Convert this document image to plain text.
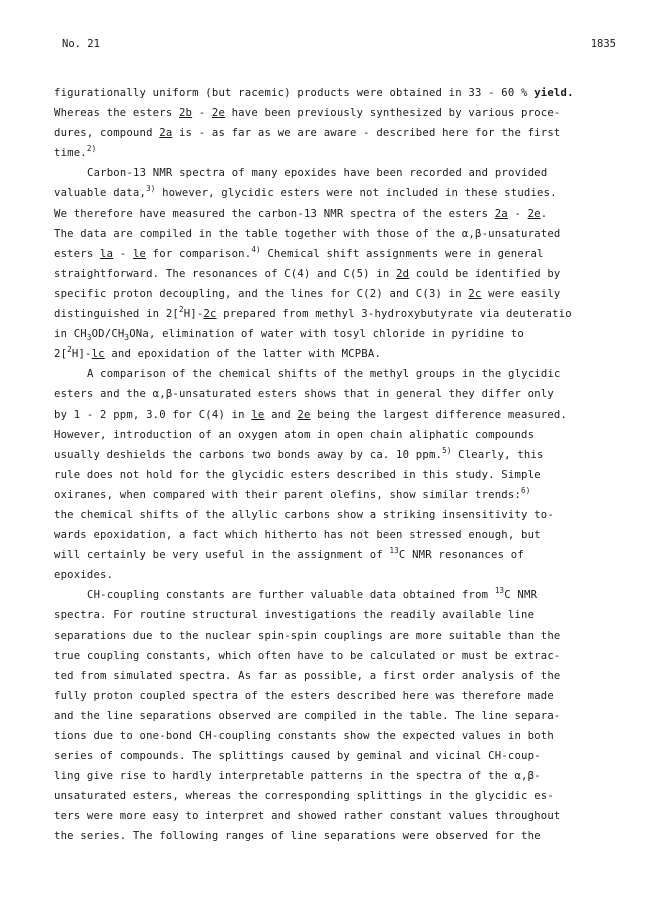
No. 21	1835
figurationally uniform (but racemic) products were obtained in 33 - 60 % yield.
Whereas the esters 2b - 2e have been previously synthesized by various proce-
dures, compound 2a is - as far as we are aware - described here for the first
time.$^{2)}$
Carbon-13 NMR spectra of many epoxides have been recorded and provided
valuable data,$^{3)}$ however, glycidic esters were not included in these studies.
We therefore have measured the carbon-13 NMR spectra of the esters 2a - 2e.
The data are compiled in the table together with those of the α,β-unsaturated
esters la - le for comparison.$^{4)}$ Chemical shift assignments were in general
straightforward. The resonances of C(4) and C(5) in 2d could be identified by
specific proton decoupling, and the lines for C(2) and C(3) in 2c were easily
distinguished in 2[$^2$H]-2c prepared from methyl 3-hydroxybutyrate via deuteratio
in $CH_3OD/CH_3ONa$, elimination of water with tosyl chloride in pyridine to
2[$^2$H]-lc and epoxidation of the latter with MCPBA.
A comparison of the chemical shifts of the methyl groups in the glycidic
esters and the α,β-unsaturated esters shows that in general they differ only
by 1 - 2 ppm, 3.0 for C(4) in le and 2e being the largest difference measured.
However, introduction of an oxygen atom in open chain aliphatic compounds
usually deshields the carbons two bonds away by ca. 10 ppm.$^{5)}$ Clearly, this
rule does not hold for the glycidic esters described in this study. Simple
oxiranes, when compared with their parent olefins, show similar trends:$^{6)}$
the chemical shifts of the allylic carbons show a striking insensitivity to-
wards epoxidation, a fact which hitherto has not been stressed enough, but
will certainly be very useful in the assignment of $^{13}$C NMR resonances of
epoxides.
CH-coupling constants are further valuable data obtained from $^{13}$C NMR
spectra. For routine structural investigations the readily available line
separations due to the nuclear spin-spin couplings are more suitable than the
true coupling constants, which often have to be calculated or must be extrac-
ted from simulated spectra. As far as possible, a first order analysis of the
fully proton coupled spectra of the esters described here was therefore made
and the line separations observed are compiled in the table. The line separa-
tions due to one-bond CH-coupling constants show the expected values in both
series of compounds. The splittings caused by geminal and vicinal CH-coup-
ling give rise to hardly interpretable patterns in the spectra of the α,β-
unsaturated esters, whereas the corresponding splittings in the glycidic es-
ters were more easy to interpret and showed rather constant values throughout
the series. The following ranges of line separations were observed for the
